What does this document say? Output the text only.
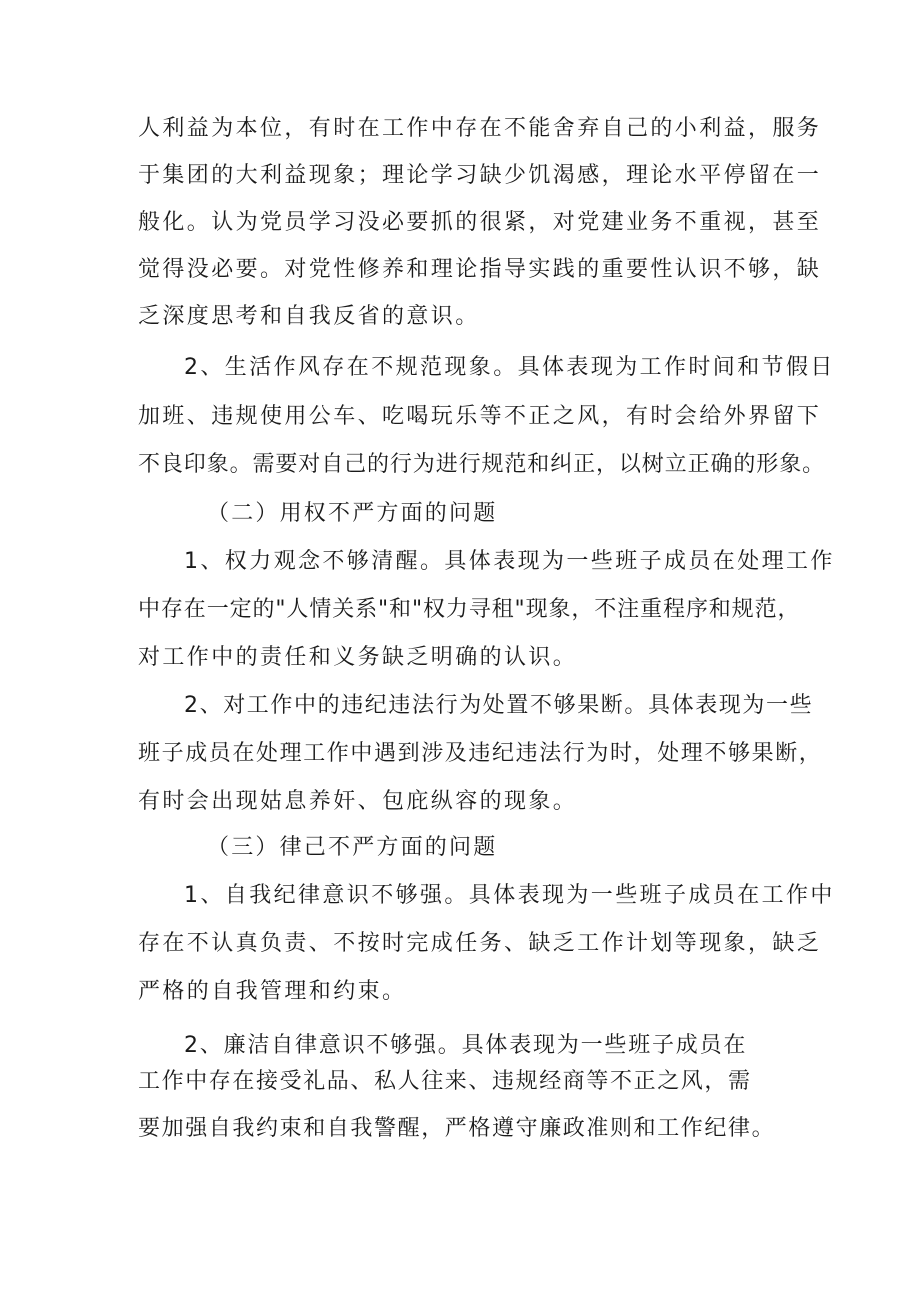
人利益为本位，有时在工作中存在不能舍弃自己的小利益，服务

于集团的大利益现象；理论学习缺少饥渴感，理论水平停留在一

般化。认为党员学习没必要抓的很紧，对党建业务不重视，甚至

觉得没必要。对党性修养和理论指导实践的重要性认识不够，缺

乏深度思考和自我反省的意识。

2、生活作风存在不规范现象。具体表现为工作时间和节假日

加班、违规使用公车、吃喝玩乐等不正之风，有时会给外界留下

不良印象。需要对自己的行为进行规范和纠正，以树立正确的形象。

（二）用权不严方面的问题

1、权力观念不够清醒。具体表现为一些班子成员在处理工作

中存在一定的"人情关系"和"权力寻租"现象，不注重程序和规范，

对工作中的责任和义务缺乏明确的认识。

2、对工作中的违纪违法行为处置不够果断。具体表现为一些

班子成员在处理工作中遇到涉及违纪违法行为时，处理不够果断，

有时会出现姑息养奸、包庇纵容的现象。

（三）律己不严方面的问题

1、自我纪律意识不够强。具体表现为一些班子成员在工作中

存在不认真负责、不按时完成任务、缺乏工作计划等现象，缺乏

严格的自我管理和约束。

2、廉洁自律意识不够强。具体表现为一些班子成员在

工作中存在接受礼品、私人往来、违规经商等不正之风，需

要加强自我约束和自我警醒，严格遵守廉政准则和工作纪律。
